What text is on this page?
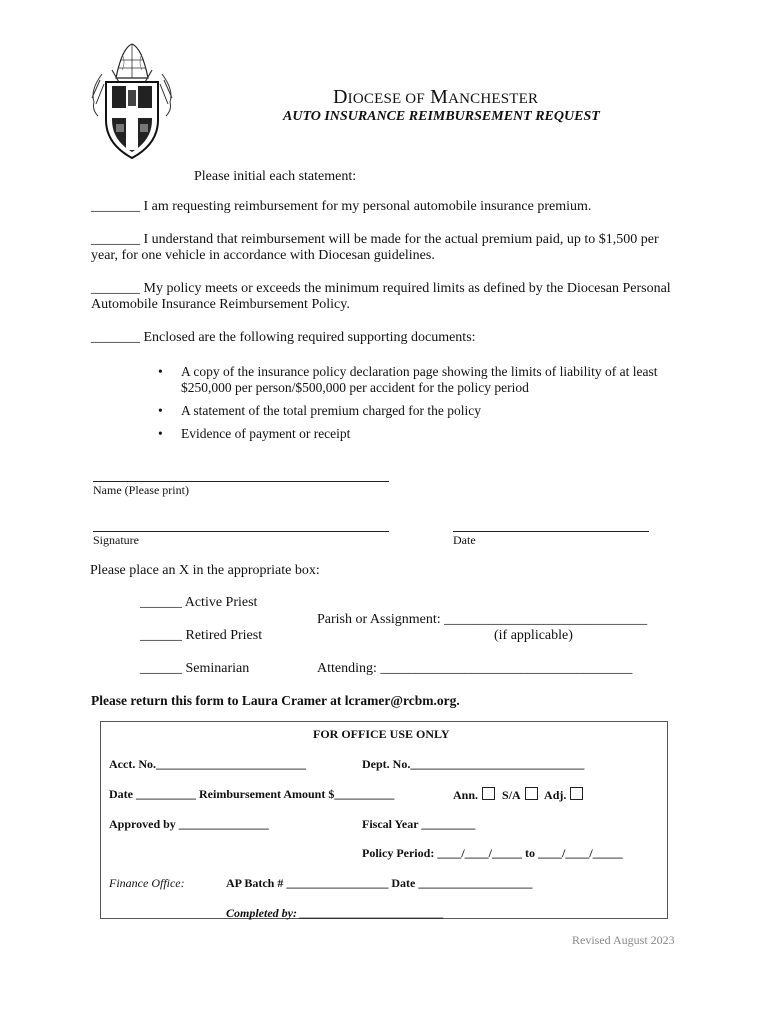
DIOCESE OF MANCHESTER
AUTO INSURANCE REIMBURSEMENT REQUEST
Please initial each statement:
_______ I am requesting reimbursement for my personal automobile insurance premium.
_______ I understand that reimbursement will be made for the actual premium paid, up to $1,500 per year, for one vehicle in accordance with Diocesan guidelines.
_______ My policy meets or exceeds the minimum required limits as defined by the Diocesan Personal Automobile Insurance Reimbursement Policy.
_______ Enclosed are the following required supporting documents:
• A copy of the insurance policy declaration page showing the limits of liability of at least $250,000 per person/$500,000 per accident for the policy period
• A statement of the total premium charged for the policy
• Evidence of payment or receipt
Name (Please print)
Signature	Date
Please place an X in the appropriate box:
______ Active Priest
______ Retired Priest
______ Seminarian
Parish or Assignment: _____________________________
(if applicable)
Attending: ____________________________________
Please return this form to Laura Cramer at lcramer@rcbm.org.
FOR OFFICE USE ONLY
Acct. No._________________________	Dept. No._____________________________
Date __________ Reimbursement Amount $__________	Ann. S/A Adj.
Approved by _______________	Fiscal Year _________
Policy Period: ____/____/_____ to ____/____/_____
Finance Office:	AP Batch # _________________ Date ___________________
Completed by: ________________________
Revised August 2023
